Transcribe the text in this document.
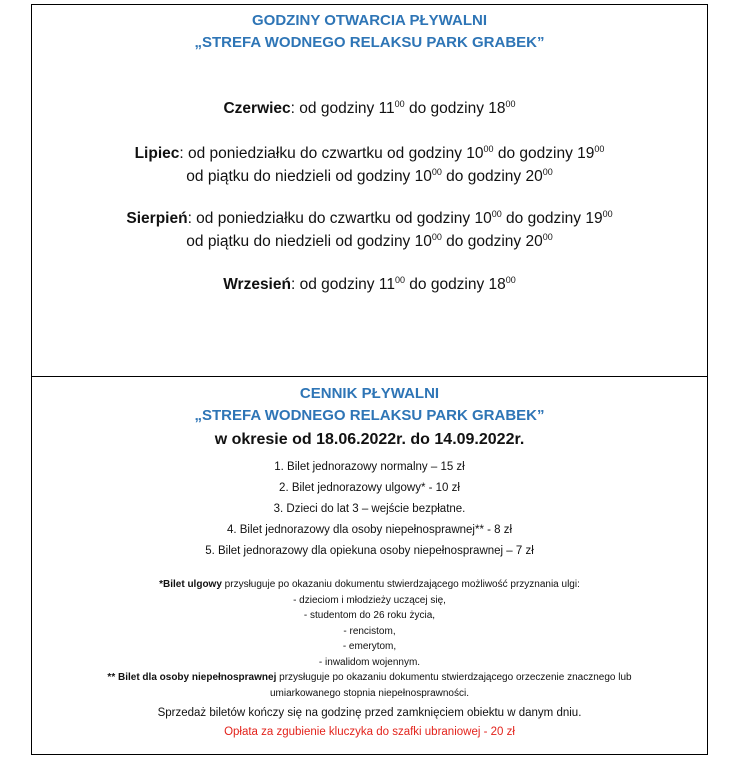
GODZINY OTWARCIA PŁYWALNI
„STREFA WODNEGO RELAKSU PARK GRABEK”
Czerwiec: od godziny $11^{00}$ do godziny $18^{00}$
Lipiec: od poniedziałku do czwartku od godziny $10^{00}$ do godziny $19^{00}$
od piątku do niedzieli od godziny $10^{00}$ do godziny $20^{00}$
Sierpień: od poniedziałku do czwartku od godziny $10^{00}$ do godziny $19^{00}$
od piątku do niedzieli od godziny $10^{00}$ do godziny $20^{00}$
Wrzesień: od godziny $11^{00}$ do godziny $18^{00}$
CENNIK PŁYWALNI
„STREFA WODNEGO RELAKSU PARK GRABEK”
w okresie od 18.06.2022r. do 14.09.2022r.
1. Bilet jednorazowy normalny – 15 zł
2. Bilet jednorazowy ulgowy* - 10 zł
3. Dzieci do lat 3 – wejście bezpłatne.
4. Bilet jednorazowy dla osoby niepełnosprawnej** - 8 zł
5. Bilet jednorazowy dla opiekuna osoby niepełnosprawnej – 7 zł
*Bilet ulgowy przysługuje po okazaniu dokumentu stwierdzającego możliwość przyznania ulgi:
- dzieciom i młodzieży uczącej się,
- studentom do 26 roku życia,
- rencistom,
- emerytom,
- inwalidom wojennym.
** Bilet dla osoby niepełnosprawnej przysługuje po okazaniu dokumentu stwierdzającego orzeczenie znacznego lub
umiarkowanego stopnia niepełnosprawności.
Sprzedaż biletów kończy się na godzinę przed zamknięciem obiektu w danym dniu.
Opłata za zgubienie kluczyka do szafki ubraniowej - 20 zł
